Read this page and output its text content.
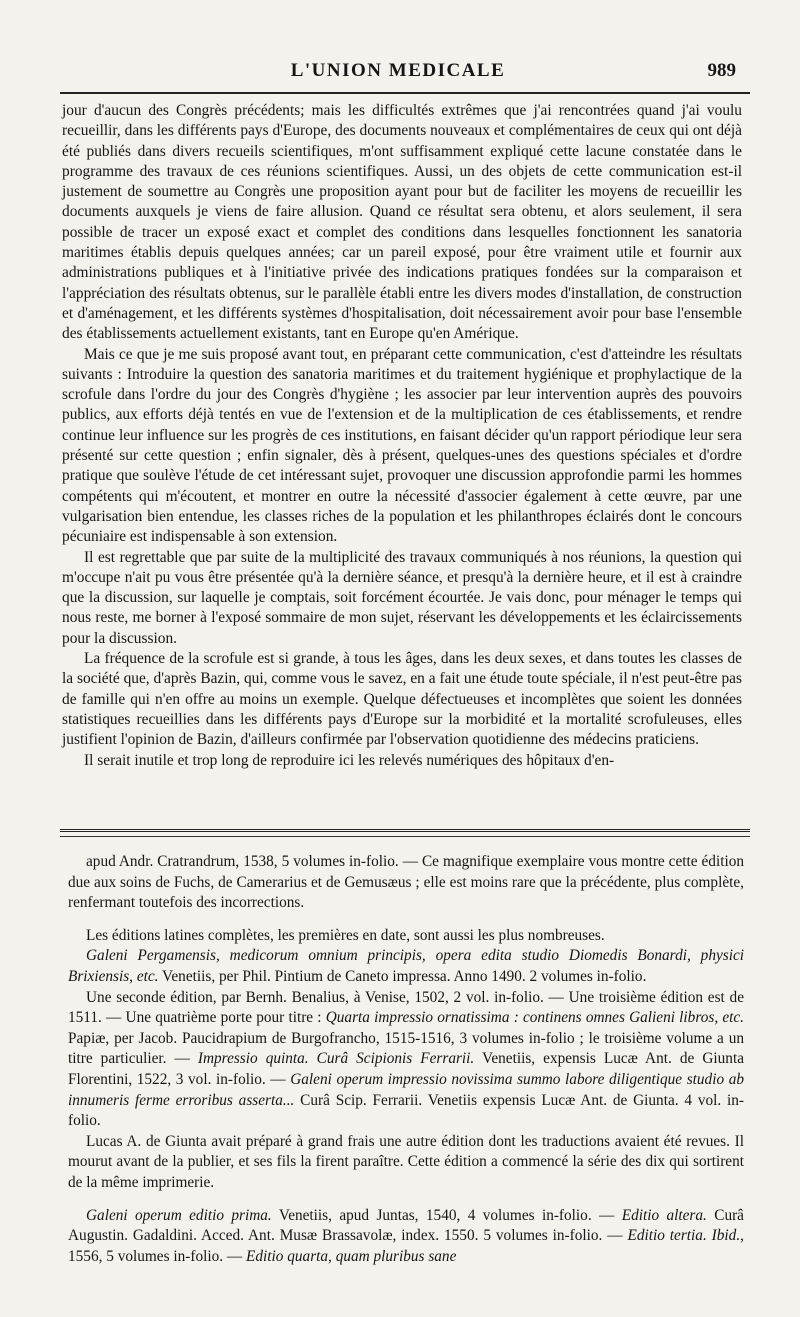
L'UNION MEDICALE	989

jour d'aucun des Congrès précédents; mais les difficultés extrêmes que j'ai rencontrées quand j'ai voulu recueillir, dans les différents pays d'Europe, des documents nouveaux et complémentaires de ceux qui ont déjà été publiés dans divers recueils scientifiques, m'ont suffisamment expliqué cette lacune constatée dans le programme des travaux de ces réunions scientifiques. Aussi, un des objets de cette communication est-il justement de soumettre au Congrès une proposition ayant pour but de faciliter les moyens de recueillir les documents auxquels je viens de faire allusion. Quand ce résultat sera obtenu, et alors seulement, il sera possible de tracer un exposé exact et complet des conditions dans lesquelles fonctionnent les sanatoria maritimes établis depuis quelques années; car un pareil exposé, pour être vraiment utile et fournir aux administrations publiques et à l'initiative privée des indications pratiques fondées sur la comparaison et l'appréciation des résultats obtenus, sur le parallèle établi entre les divers modes d'installation, de construction et d'aménagement, et les différents systèmes d'hospitalisation, doit nécessairement avoir pour base l'ensemble des établissements actuellement existants, tant en Europe qu'en Amérique.

Mais ce que je me suis proposé avant tout, en préparant cette communication, c'est d'atteindre les résultats suivants : Introduire la question des sanatoria maritimes et du traitement hygiénique et prophylactique de la scrofule dans l'ordre du jour des Congrès d'hygiène ; les associer par leur intervention auprès des pouvoirs publics, aux efforts déjà tentés en vue de l'extension et de la multiplication de ces établissements, et rendre continue leur influence sur les progrès de ces institutions, en faisant décider qu'un rapport périodique leur sera présenté sur cette question ; enfin signaler, dès à présent, quelques-unes des questions spéciales et d'ordre pratique que soulève l'étude de cet intéressant sujet, provoquer une discussion approfondie parmi les hommes compétents qui m'écoutent, et montrer en outre la nécessité d'associer également à cette œuvre, par une vulgarisation bien entendue, les classes riches de la population et les philanthropes éclairés dont le concours pécuniaire est indispensable à son extension.

Il est regrettable que par suite de la multiplicité des travaux communiqués à nos réunions, la question qui m'occupe n'ait pu vous être présentée qu'à la dernière séance, et presqu'à la dernière heure, et il est à craindre que la discussion, sur laquelle je comptais, soit forcément écourtée. Je vais donc, pour ménager le temps qui nous reste, me borner à l'exposé sommaire de mon sujet, réservant les développements et les éclaircissements pour la discussion.

La fréquence de la scrofule est si grande, à tous les âges, dans les deux sexes, et dans toutes les classes de la société que, d'après Bazin, qui, comme vous le savez, en a fait une étude toute spéciale, il n'est peut-être pas de famille qui n'en offre au moins un exemple. Quelque défectueuses et incomplètes que soient les données statistiques recueillies dans les différents pays d'Europe sur la morbidité et la mortalité scrofuleuses, elles justifient l'opinion de Bazin, d'ailleurs confirmée par l'observation quotidienne des médecins praticiens.

Il serait inutile et trop long de reproduire ici les relevés numériques des hôpitaux d'en-

apud Andr. Cratrandrum, 1538, 5 volumes in-folio. — Ce magnifique exemplaire vous montre cette édition due aux soins de Fuchs, de Camerarius et de Gemusæus ; elle est moins rare que la précédente, plus complète, renfermant toutefois des incorrections.

Les éditions latines complètes, les premières en date, sont aussi les plus nombreuses.

Galeni Pergamensis, medicorum omnium principis, opera edita studio Diomedis Bonardi, physici Brixiensis, etc. Venetiis, per Phil. Pintium de Caneto impressa. Anno 1490. 2 volumes in-folio.

Une seconde édition, par Bernh. Benalius, à Venise, 1502, 2 vol. in-folio. — Une troisième édition est de 1511. — Une quatrième porte pour titre : Quarta impressio ornatissima : continens omnes Galieni libros, etc. Papiæ, per Jacob. Paucidrapium de Burgofrancho, 1515-1516, 3 volumes in-folio ; le troisième volume a un titre particulier. — Impressio quinta. Curâ Scipionis Ferrarii. Venetiis, expensis Lucæ Ant. de Giunta Florentini, 1522, 3 vol. in-folio. — Galeni operum impressio novissima summo labore diligentique studio ab innumeris ferme erroribus asserta... Curâ Scip. Ferrarii. Venetiis expensis Lucæ Ant. de Giunta. 4 vol. in-folio.

Lucas A. de Giunta avait préparé à grand frais une autre édition dont les traductions avaient été revues. Il mourut avant de la publier, et ses fils la firent paraître. Cette édition a commencé la série des dix qui sortirent de la même imprimerie.

Galeni operum editio prima. Venetiis, apud Juntas, 1540, 4 volumes in-folio. — Editio altera. Curâ Augustin. Gadaldini. Acced. Ant. Musæ Brassavolæ, index. 1550. 5 volumes in-folio. — Editio tertia. Ibid., 1556, 5 volumes in-folio. — Editio quarta, quam pluribus sane
